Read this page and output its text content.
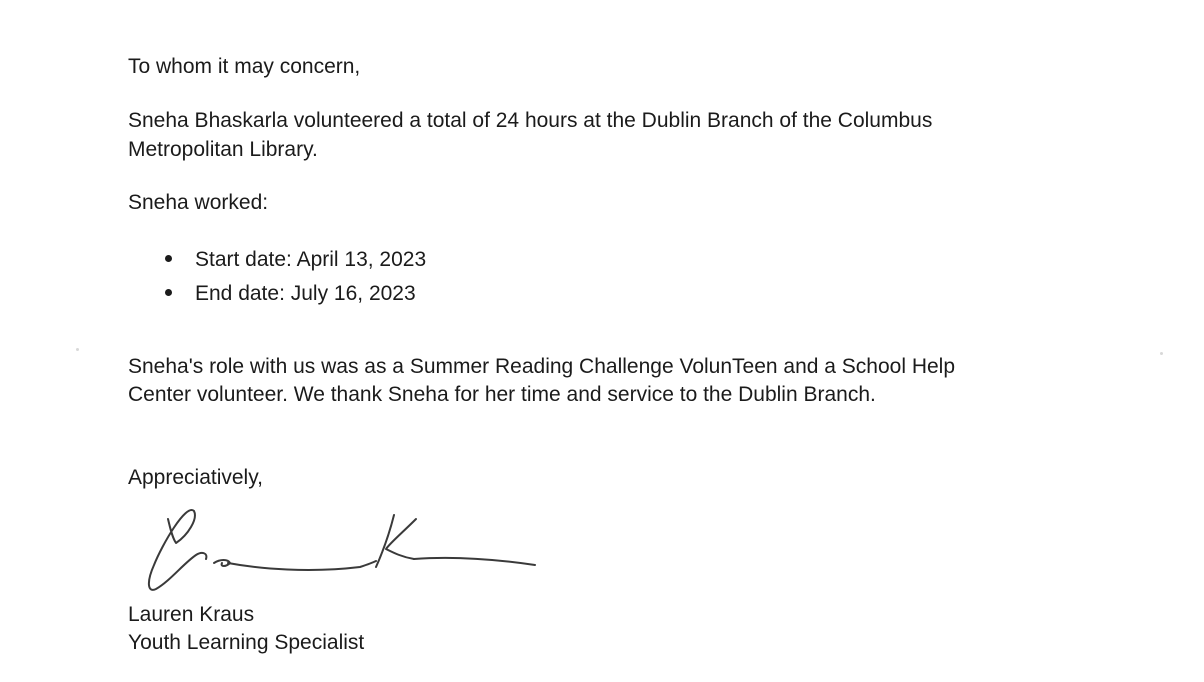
To whom it may concern,
Sneha Bhaskarla volunteered a total of 24 hours at the Dublin Branch of the Columbus
Metropolitan Library.
Sneha worked:
Start date: April 13, 2023
End date: July 16, 2023
Sneha's role with us was as a Summer Reading Challenge VolunTeen and a School Help
Center volunteer. We thank Sneha for her time and service to the Dublin Branch.
Appreciatively,
Lauren Kraus
Youth Learning Specialist
